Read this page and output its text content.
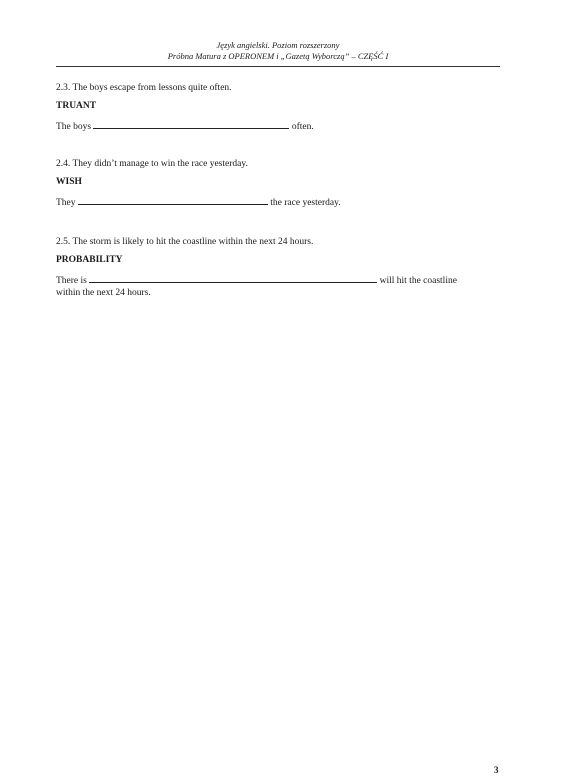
Język angielski. Poziom rozszerzony
Próbna Matura z OPERONEM i „Gazetą Wyborczą” – CZĘŚĆ I
2.3. The boys escape from lessons quite often.
TRUANT
The boys	often.
2.4. They didn’t manage to win the race yesterday.
WISH
They	the race yesterday.
2.5. The storm is likely to hit the coastline within the next 24 hours.
PROBABILITY
There is	will hit the coastline
within the next 24 hours.
3
